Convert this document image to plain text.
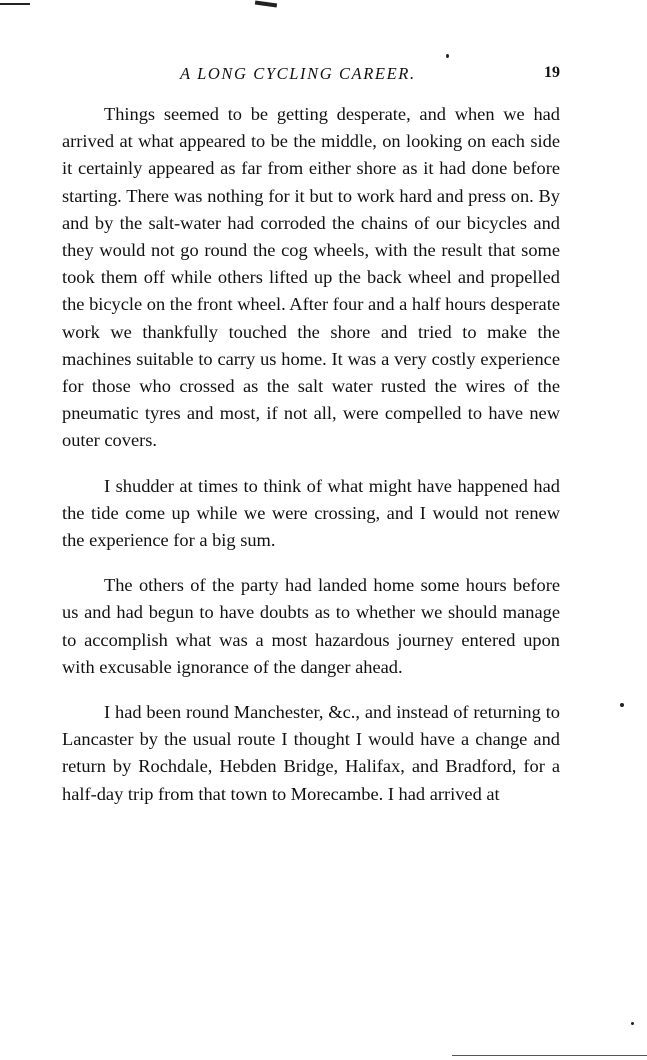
A LONG CYCLING CAREER.	19

Things seemed to be getting desperate, and when we had arrived at what appeared to be the middle, on looking on each side it certainly appeared as far from either shore as it had done before starting. There was nothing for it but to work hard and press on. By and by the salt-water had corroded the chains of our bicycles and they would not go round the cog wheels, with the result that some took them off while others lifted up the back wheel and propelled the bicycle on the front wheel. After four and a half hours desperate work we thankfully touched the shore and tried to make the machines suitable to carry us home. It was a very costly experience for those who crossed as the salt water rusted the wires of the pneumatic tyres and most, if not all, were compelled to have new outer covers.

I shudder at times to think of what might have happened had the tide come up while we were crossing, and I would not renew the experience for a big sum.

The others of the party had landed home some hours before us and had begun to have doubts as to whether we should manage to accomplish what was a most hazardous journey entered upon with excusable ignorance of the danger ahead.

I had been round Manchester, &c., and instead of returning to Lancaster by the usual route I thought I would have a change and return by Rochdale, Hebden Bridge, Halifax, and Bradford, for a half-day trip from that town to Morecambe. I had arrived at
